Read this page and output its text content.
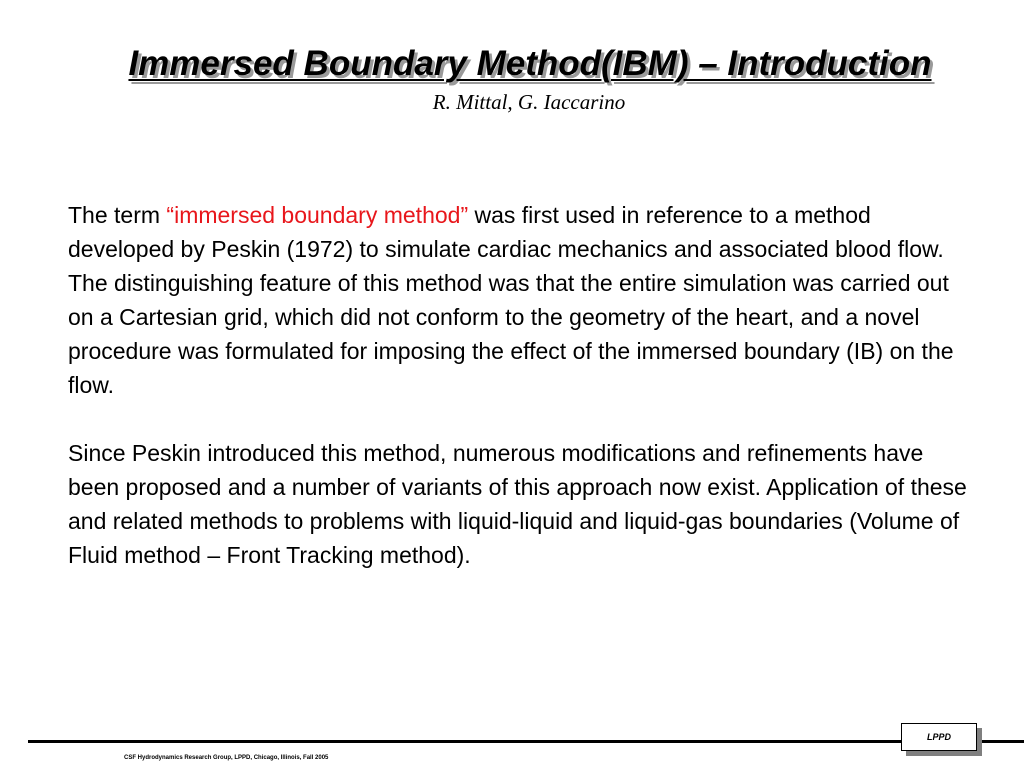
Immersed Boundary Method(IBM) – Introduction
R. Mittal, G. Iaccarino

The term “immersed boundary method” was first used in reference to a method developed by Peskin (1972) to simulate cardiac mechanics and associated blood flow. The distinguishing feature of this method was that the entire simulation was carried out on a Cartesian grid, which did not conform to the geometry of the heart, and a novel procedure was formulated for imposing the effect of the immersed boundary (IB) on the flow.

Since Peskin introduced this method, numerous modifications and refinements have been proposed and a number of variants of this approach now exist. Application of these and related methods to problems with liquid-liquid and liquid-gas boundaries (Volume of Fluid method – Front Tracking method).

CSF Hydrodynamics Research Group, LPPD, Chicago, Illinois, Fall 2005
LPPD
